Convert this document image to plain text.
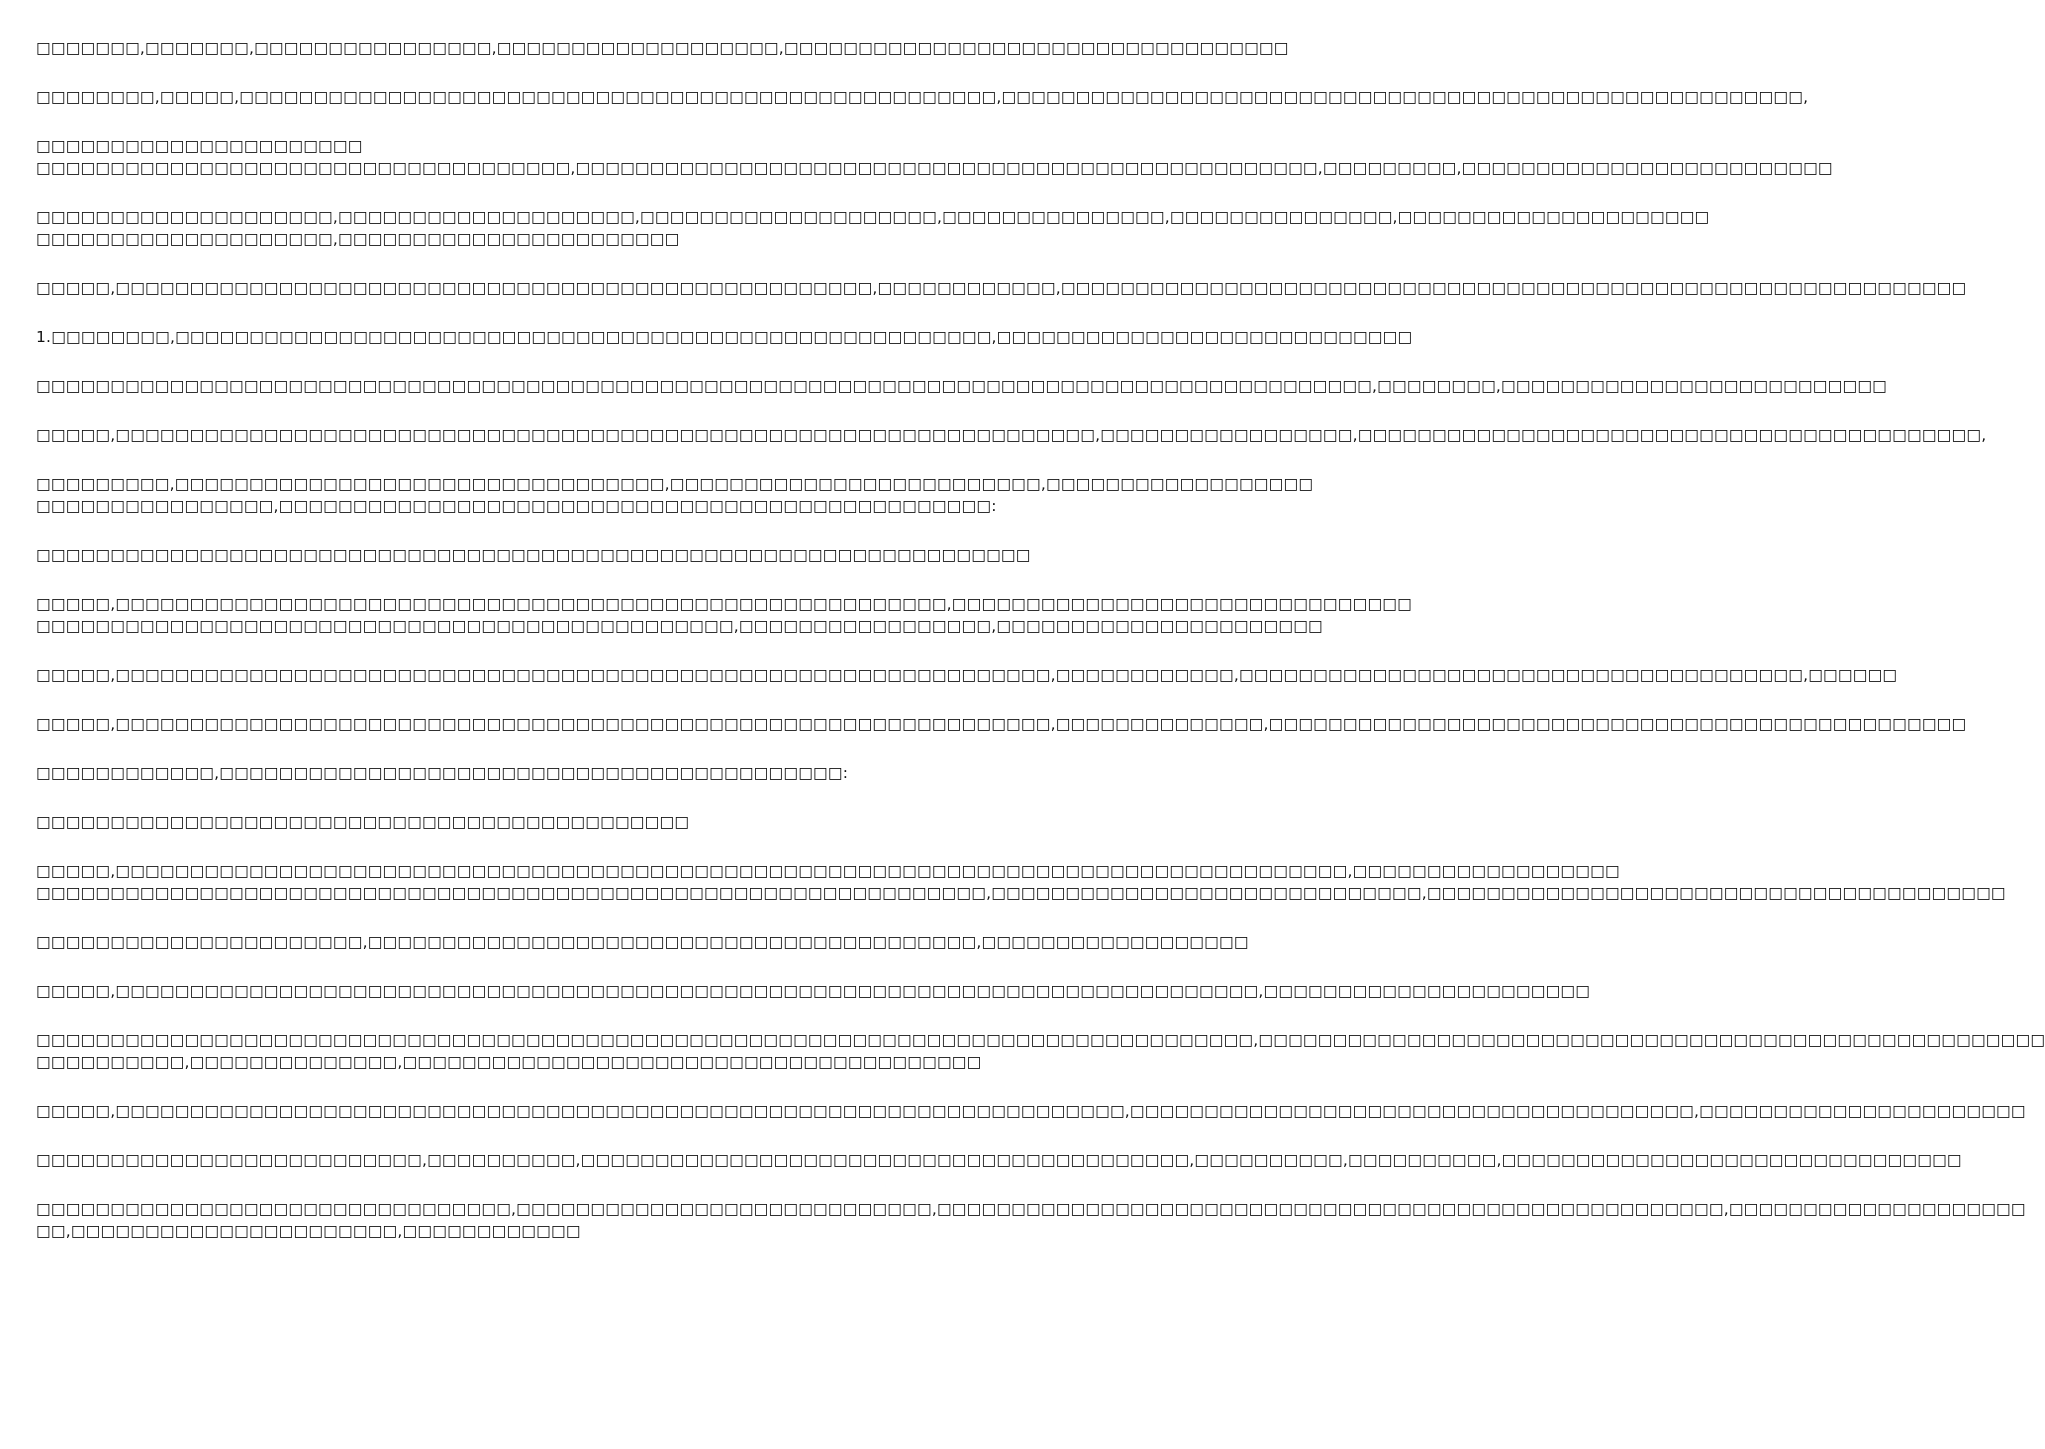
□□□□□□□,□□□□□□□,□□□□□□□□□□□□□□□□,□□□□□□□□□□□□□□□□□□□,□□□□□□□□□□□□□□□□□□□□□□□□□□□□□□□□□□
□□□□□□□□,□□□□□,□□□□□□□□□□□□□□□□□□□□□□□□□□□□□□□□□□□□□□□□□□□□□□□□□□□,□□□□□□□□□□□□□□□□□□□□□□□□□□□□□□□□□□□□□□□□□□□□□□□□□□□□□□,
□□□□□□□□□□□□□□□□□□□□□□
□□□□□□□□□□□□□□□□□□□□□□□□□□□□□□□□□□□□,□□□□□□□□□□□□□□□□□□□□□□□□□□□□□□□□□□□□□□□□□□□□□□□□□□,□□□□□□□□□,□□□□□□□□□□□□□□□□□□□□□□□□□
□□□□□□□□□□□□□□□□□□□□,□□□□□□□□□□□□□□□□□□□□,□□□□□□□□□□□□□□□□□□□□,□□□□□□□□□□□□□□□,□□□□□□□□□□□□□□□,□□□□□□□□□□□□□□□□□□□□□
□□□□□□□□□□□□□□□□□□□□,□□□□□□□□□□□□□□□□□□□□□□□
□□□□□,□□□□□□□□□□□□□□□□□□□□□□□□□□□□□□□□□□□□□□□□□□□□□□□□□□□,□□□□□□□□□□□□,□□□□□□□□□□□□□□□□□□□□□□□□□□□□□□□□□□□□□□□□□□□□□□□□□□□□□□□□□□□□□
1.□□□□□□□□,□□□□□□□□□□□□□□□□□□□□□□□□□□□□□□□□□□□□□□□□□□□□□□□□□□□□□□□,□□□□□□□□□□□□□□□□□□□□□□□□□□□□
□□□□□□□□□□□□□□□□□□□□□□□□□□□□□□□□□□□□□□□□□□□□□□□□□□□□□□□□□□□□□□□□□□□□□□□□□□□□□□□□□□□□□□□□□□,□□□□□□□□,□□□□□□□□□□□□□□□□□□□□□□□□□□
□□□□□,□□□□□□□□□□□□□□□□□□□□□□□□□□□□□□□□□□□□□□□□□□□□□□□□□□□□□□□□□□□□□□□□□□,□□□□□□□□□□□□□□□□□,□□□□□□□□□□□□□□□□□□□□□□□□□□□□□□□□□□□□□□□□□□,
□□□□□□□□□,□□□□□□□□□□□□□□□□□□□□□□□□□□□□□□□□□,□□□□□□□□□□□□□□□□□□□□□□□□□,□□□□□□□□□□□□□□□□□□
□□□□□□□□□□□□□□□□,□□□□□□□□□□□□□□□□□□□□□□□□□□□□□□□□□□□□□□□□□□□□□□□□:
□□□□□□□□□□□□□□□□□□□□□□□□□□□□□□□□□□□□□□□□□□□□□□□□□□□□□□□□□□□□□□□□□□□
□□□□□,□□□□□□□□□□□□□□□□□□□□□□□□□□□□□□□□□□□□□□□□□□□□□□□□□□□□□□□□,□□□□□□□□□□□□□□□□□□□□□□□□□□□□□□□
□□□□□□□□□□□□□□□□□□□□□□□□□□□□□□□□□□□□□□□□□□□□□□□,□□□□□□□□□□□□□□□□□,□□□□□□□□□□□□□□□□□□□□□□
□□□□□,□□□□□□□□□□□□□□□□□□□□□□□□□□□□□□□□□□□□□□□□□□□□□□□□□□□□□□□□□□□□□□□,□□□□□□□□□□□□,□□□□□□□□□□□□□□□□□□□□□□□□□□□□□□□□□□□□□□,□□□□□□
□□□□□,□□□□□□□□□□□□□□□□□□□□□□□□□□□□□□□□□□□□□□□□□□□□□□□□□□□□□□□□□□□□□□□,□□□□□□□□□□□□□□,□□□□□□□□□□□□□□□□□□□□□□□□□□□□□□□□□□□□□□□□□□□□□□□
□□□□□□□□□□□□,□□□□□□□□□□□□□□□□□□□□□□□□□□□□□□□□□□□□□□□□□□:
□□□□□□□□□□□□□□□□□□□□□□□□□□□□□□□□□□□□□□□□□□□□
□□□□□,□□□□□□□□□□□□□□□□□□□□□□□□□□□□□□□□□□□□□□□□□□□□□□□□□□□□□□□□□□□□□□□□□□□□□□□□□□□□□□□□□□□,□□□□□□□□□□□□□□□□□□
□□□□□□□□□□□□□□□□□□□□□□□□□□□□□□□□□□□□□□□□□□□□□□□□□□□□□□□□□□□□□□□□,□□□□□□□□□□□□□□□□□□□□□□□□□□□□□,□□□□□□□□□□□□□□□□□□□□□□□□□□□□□□□□□□□□□□□
□□□□□□□□□□□□□□□□□□□□□□,□□□□□□□□□□□□□□□□□□□□□□□□□□□□□□□□□□□□□□□□□,□□□□□□□□□□□□□□□□□□
□□□□□,□□□□□□□□□□□□□□□□□□□□□□□□□□□□□□□□□□□□□□□□□□□□□□□□□□□□□□□□□□□□□□□□□□□□□□□□□□□□□,□□□□□□□□□□□□□□□□□□□□□□
□□□□□□□□□□□□□□□□□□□□□□□□□□□□□□□□□□□□□□□□□□□□□□□□□□□□□□□□□□□□□□□□□□□□□□□□□□□□□□□□□□,□□□□□□□□□□□□□□□□□□□□□□□□□□□□□□□□□□□□□□□□□□□□□□□□□□□□□
□□□□□□□□□□,□□□□□□□□□□□□□□,□□□□□□□□□□□□□□□□□□□□□□□□□□□□□□□□□□□□□□□
□□□□□,□□□□□□□□□□□□□□□□□□□□□□□□□□□□□□□□□□□□□□□□□□□□□□□□□□□□□□□□□□□□□□□□□□□□,□□□□□□□□□□□□□□□□□□□□□□□□□□□□□□□□□□□□□□,□□□□□□□□□□□□□□□□□□□□□□
□□□□□□□□□□□□□□□□□□□□□□□□□□,□□□□□□□□□□,□□□□□□□□□□□□□□□□□□□□□□□□□□□□□□□□□□□□□□□□□,□□□□□□□□□□,□□□□□□□□□□,□□□□□□□□□□□□□□□□□□□□□□□□□□□□□□□
□□□□□□□□□□□□□□□□□□□□□□□□□□□□□□□□,□□□□□□□□□□□□□□□□□□□□□□□□□□□□,□□□□□□□□□□□□□□□□□□□□□□□□□□□□□□□□□□□□□□□□□□□□□□□□□□□□□,□□□□□□□□□□□□□□□□□□□□
□□,□□□□□□□□□□□□□□□□□□□□□□,□□□□□□□□□□□□
